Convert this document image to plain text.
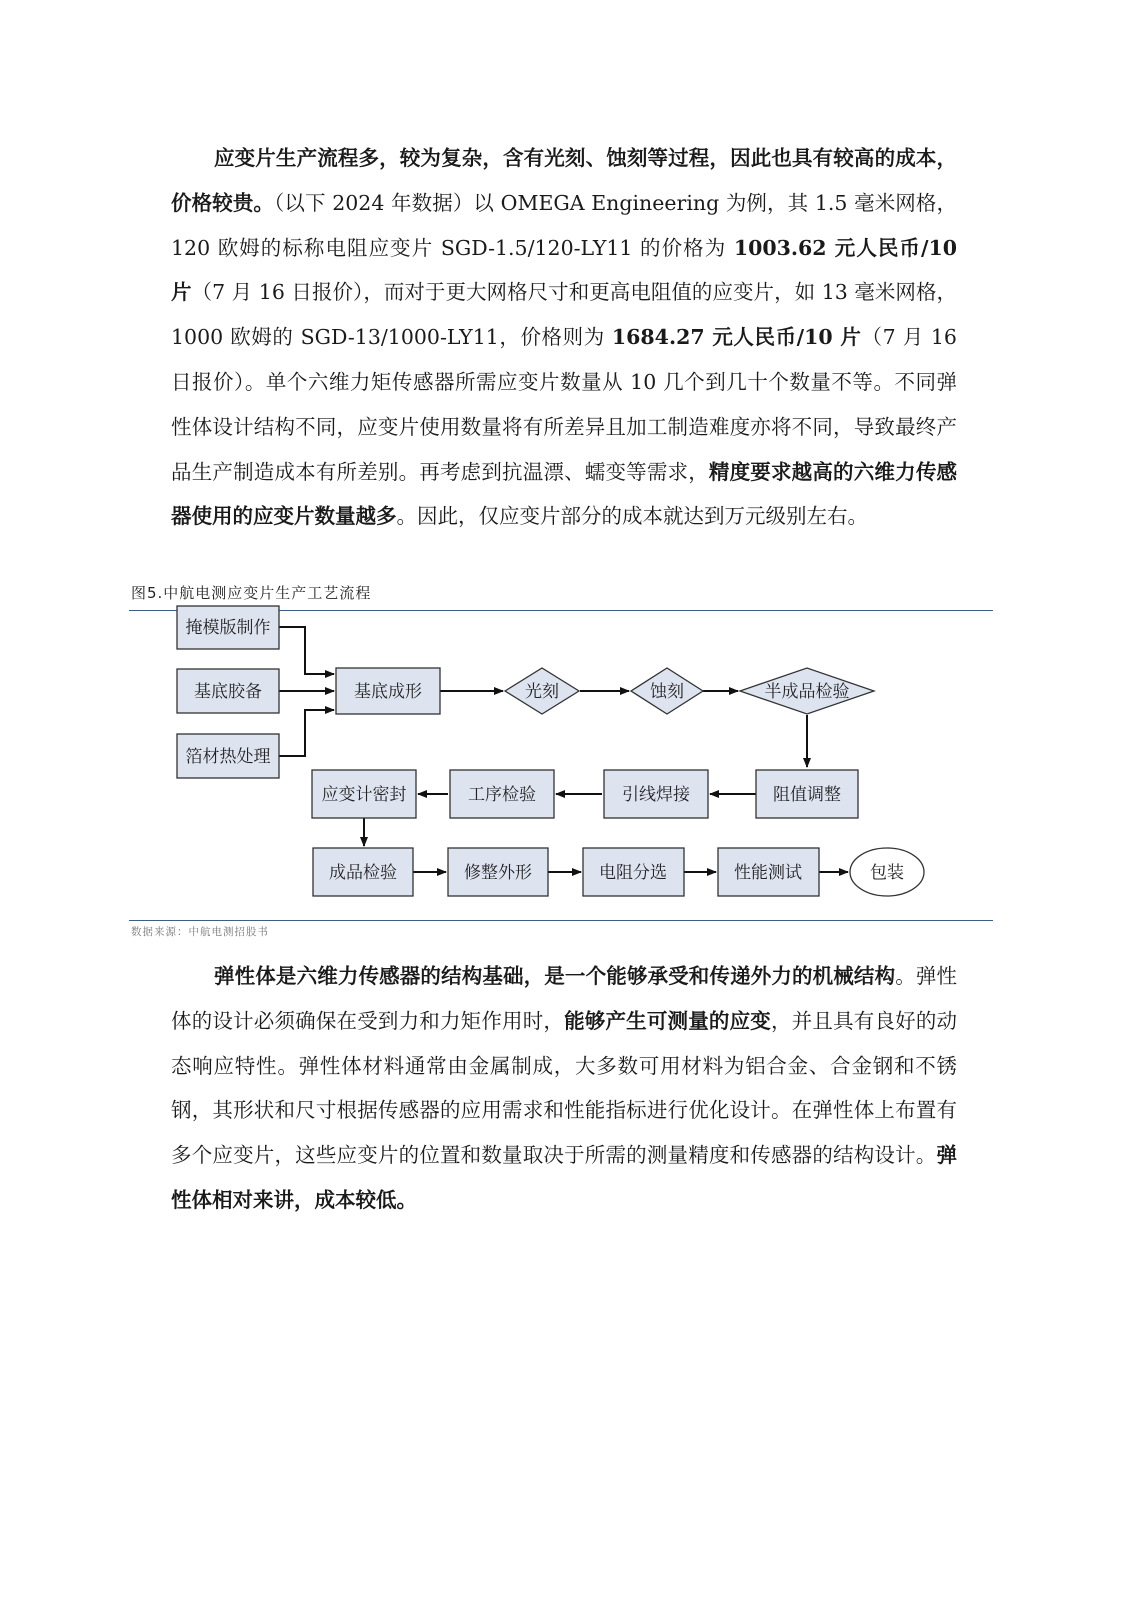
应变片生产流程多，较为复杂，含有光刻、蚀刻等过程，因此也具有较高的成本，价格较贵。（以下 2024 年数据）以 OMEGA Engineering 为例，其 1.5 毫米网格，120 欧姆的标称电阻应变片 SGD-1.5/120-LY11 的价格为 1003.62 元人民币/10 片（7 月 16 日报价），而对于更大网格尺寸和更高电阻值的应变片，如 13 毫米网格，1000 欧姆的 SGD-13/1000-LY11，价格则为 1684.27 元人民币/10 片（7 月 16 日报价）。单个六维力矩传感器所需应变片数量从 10 几个到几十个数量不等。不同弹性体设计结构不同，应变片使用数量将有所差异且加工制造难度亦将不同，导致最终产品生产制造成本有所差别。再考虑到抗温漂、蠕变等需求，精度要求越高的六维力传感器使用的应变片数量越多。因此，仅应变片部分的成本就达到万元级别左右。

图5.中航电测应变片生产工艺流程
掩模版制作
基底胶备
箔材热处理
基底成形	光刻	蚀刻	半成品检验
阻值调整
引线焊接
工序检验
应变计密封
成品检验	修整外形	电阻分选	性能测试	包装
数据来源：中航电测招股书

弹性体是六维力传感器的结构基础，是一个能够承受和传递外力的机械结构。弹性体的设计必须确保在受到力和力矩作用时，能够产生可测量的应变，并且具有良好的动态响应特性。弹性体材料通常由金属制成，大多数可用材料为铝合金、合金钢和不锈钢，其形状和尺寸根据传感器的应用需求和性能指标进行优化设计。在弹性体上布置有多个应变片，这些应变片的位置和数量取决于所需的测量精度和传感器的结构设计。弹性体相对来讲，成本较低。
